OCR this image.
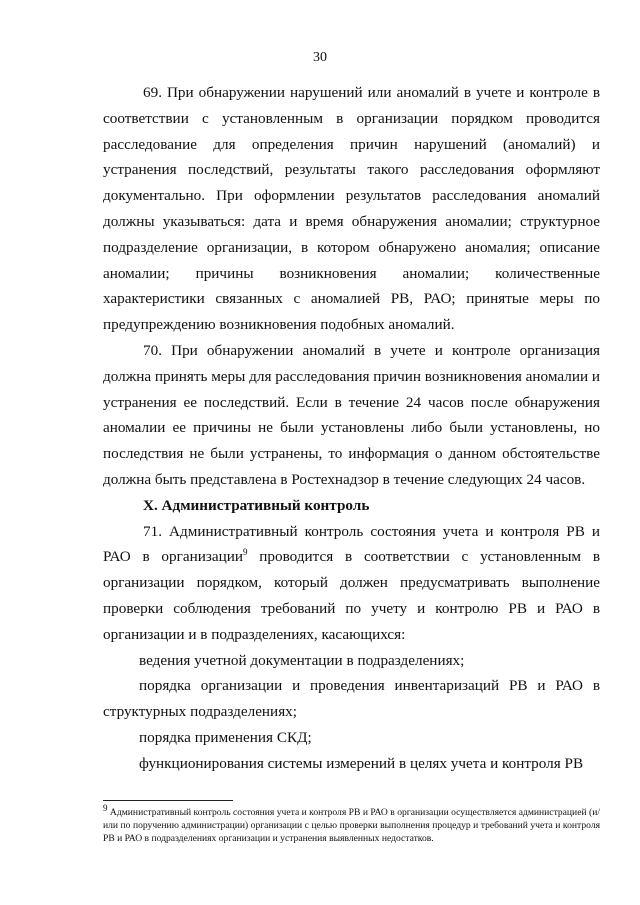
30

69. При обнаружении нарушений или аномалий в учете и контроле в соответствии с установленным в организации порядком проводится расследование для определения причин нарушений (аномалий) и устранения последствий, результаты такого расследования оформляют документально. При оформлении результатов расследования аномалий должны указываться: дата и время обнаружения аномалии; структурное подразделение организации, в котором обнаружено аномалия; описание аномалии; причины возникновения аномалии; количественные характеристики связанных с аномалией РВ, РАО; принятые меры по предупреждению возникновения подобных аномалий.

70. При обнаружении аномалий в учете и контроле организация должна принять меры для расследования причин возникновения аномалии и устранения ее последствий. Если в течение 24 часов после обнаружения аномалии ее причины не были установлены либо были установлены, но последствия не были устранены, то информация о данном обстоятельстве должна быть представлена в Ростехнадзор в течение следующих 24 часов.

X. Административный контроль

71. Административный контроль состояния учета и контроля РВ и РАО в организации$^9$ проводится в соответствии с установленным в организации порядком, который должен предусматривать выполнение проверки соблюдения требований по учету и контролю РВ и РАО в организации и в подразделениях, касающихся:

ведения учетной документации в подразделениях;

порядка организации и проведения инвентаризаций РВ и РАО в структурных подразделениях;

порядка применения СКД;

функционирования системы измерений в целях учета и контроля РВ

$^9$ Административный контроль состояния учета и контроля РВ и РАО в организации осуществляется администрацией (и/или по поручению администрации) организации с целью проверки выполнения процедур и требований учета и контроля РВ и РАО в подразделениях организации и устранения выявленных недостатков.
